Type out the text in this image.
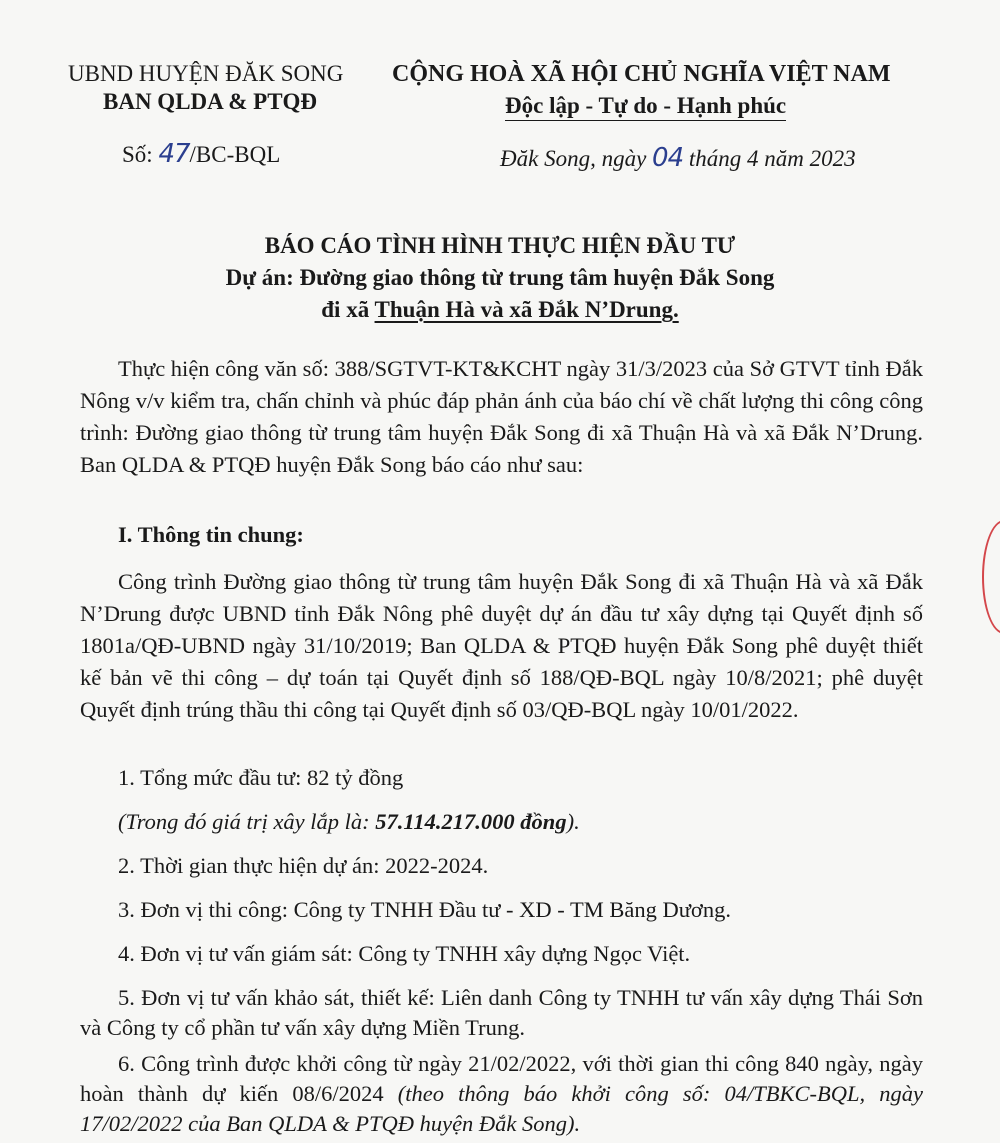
UBND HUYỆN ĐĂK SONG
BAN QLDA & PTQĐ
CỘNG HOÀ XÃ HỘI CHỦ NGHĨA VIỆT NAM
Độc lập - Tự do - Hạnh phúc
Số: 47/BC-BQL	Đăk Song, ngày 04 tháng 4 năm 2023
BÁO CÁO TÌNH HÌNH THỰC HIỆN ĐẦU TƯ
Dự án: Đường giao thông từ trung tâm huyện Đắk Song
đi xã Thuận Hà và xã Đắk N’Drung.
Thực hiện công văn số: 388/SGTVT-KT&KCHT ngày 31/3/2023 của Sở GTVT tỉnh Đắk Nông v/v kiểm tra, chấn chỉnh và phúc đáp phản ánh của báo chí về chất lượng thi công công trình: Đường giao thông từ trung tâm huyện Đắk Song đi xã Thuận Hà và xã Đắk N’Drung. Ban QLDA & PTQĐ huyện Đắk Song báo cáo như sau:
I. Thông tin chung:
Công trình Đường giao thông từ trung tâm huyện Đắk Song đi xã Thuận Hà và xã Đắk N’Drung được UBND tỉnh Đắk Nông phê duyệt dự án đầu tư xây dựng tại Quyết định số 1801a/QĐ-UBND ngày 31/10/2019; Ban QLDA & PTQĐ huyện Đắk Song phê duyệt thiết kế bản vẽ thi công – dự toán tại Quyết định số 188/QĐ-BQL ngày 10/8/2021; phê duyệt Quyết định trúng thầu thi công tại Quyết định số 03/QĐ-BQL ngày 10/01/2022.
1. Tổng mức đầu tư: 82 tỷ đồng
(Trong đó giá trị xây lắp là: 57.114.217.000 đồng).
2. Thời gian thực hiện dự án: 2022-2024.
3. Đơn vị thi công: Công ty TNHH Đầu tư - XD - TM Băng Dương.
4. Đơn vị tư vấn giám sát: Công ty TNHH xây dựng Ngọc Việt.
5. Đơn vị tư vấn khảo sát, thiết kế: Liên danh Công ty TNHH tư vấn xây dựng Thái Sơn và Công ty cổ phần tư vấn xây dựng Miền Trung.
6. Công trình được khởi công từ ngày 21/02/2022, với thời gian thi công 840 ngày, ngày hoàn thành dự kiến 08/6/2024 (theo thông báo khởi công số: 04/TBKC-BQL, ngày 17/02/2022 của Ban QLDA & PTQĐ huyện Đắk Song).
